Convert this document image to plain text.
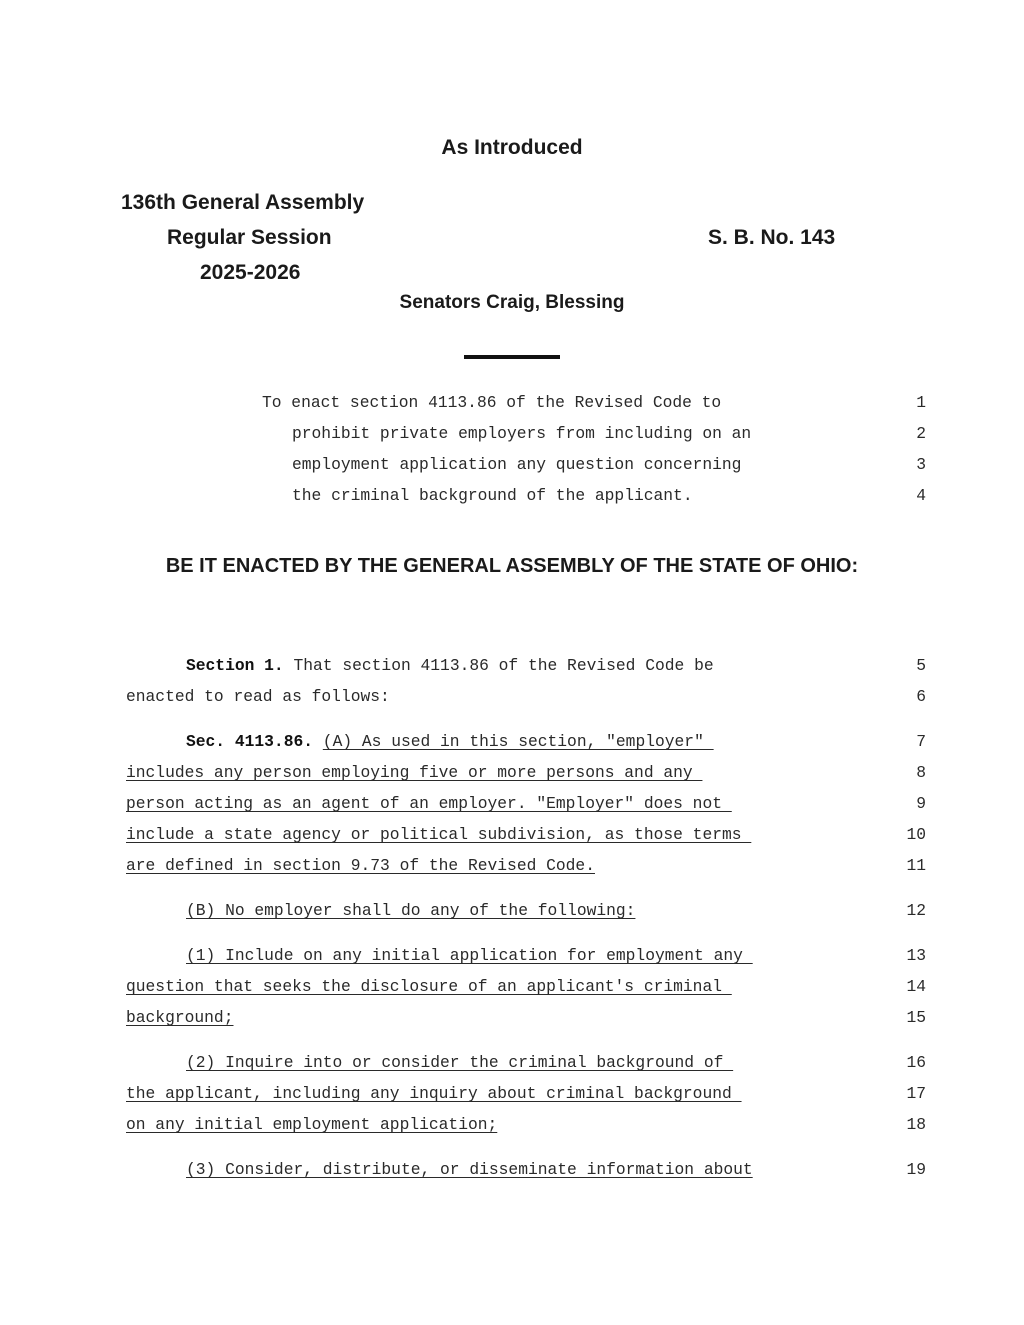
As Introduced
136th General Assembly
Regular Session	S. B. No. 143
2025-2026
Senators Craig, Blessing
To enact section 4113.86 of the Revised Code to	1
prohibit private employers from including on an	2
employment application any question concerning	3
the criminal background of the applicant.	4
BE IT ENACTED BY THE GENERAL ASSEMBLY OF THE STATE OF OHIO:
Section 1. That section 4113.86 of the Revised Code be	5
enacted to read as follows:	6
Sec. 4113.86. (A) As used in this section, "employer"	7
includes any person employing five or more persons and any	8
person acting as an agent of an employer. "Employer" does not	9
include a state agency or political subdivision, as those terms	10
are defined in section 9.73 of the Revised Code.	11
(B) No employer shall do any of the following:	12
(1) Include on any initial application for employment any	13
question that seeks the disclosure of an applicant's criminal	14
background;	15
(2) Inquire into or consider the criminal background of	16
the applicant, including any inquiry about criminal background	17
on any initial employment application;	18
(3) Consider, distribute, or disseminate information about	19
